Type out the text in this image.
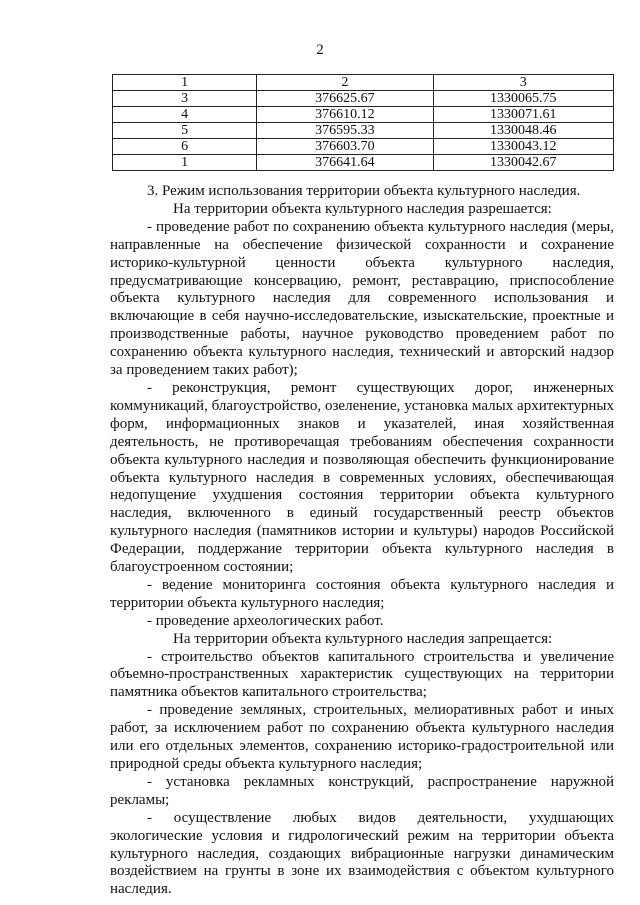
2
1	2	3
3	376625.67	1330065.75
4	376610.12	1330071.61
5	376595.33	1330048.46
6	376603.70	1330043.12
1	376641.64	1330042.67

3. Режим использования территории объекта культурного наследия.

На территории объекта культурного наследия разрешается:

- проведение работ по сохранению объекта культурного наследия (меры, направленные на обеспечение физической сохранности и сохранение историко-культурной ценности объекта культурного наследия, предусматривающие консервацию, ремонт, реставрацию, приспособление объекта культурного наследия для современного использования и включающие в себя научно-исследовательские, изыскательские, проектные и производственные работы, научное руководство проведением работ по сохранению объекта культурного наследия, технический и авторский надзор за проведением таких работ);

- реконструкция, ремонт существующих дорог, инженерных коммуникаций, благоустройство, озеленение, установка малых архитектурных форм, информационных знаков и указателей, иная хозяйственная деятельность, не противоречащая требованиям обеспечения сохранности объекта культурного наследия и позволяющая обеспечить функционирование объекта культурного наследия в современных условиях, обеспечивающая недопущение ухудшения состояния территории объекта культурного наследия, включенного в единый государственный реестр объектов культурного наследия (памятников истории и культуры) народов Российской Федерации, поддержание территории объекта культурного наследия в благоустроенном состоянии;

- ведение мониторинга состояния объекта культурного наследия и территории объекта культурного наследия;

- проведение археологических работ.

На территории объекта культурного наследия запрещается:

- строительство объектов капитального строительства и увеличение объемно-пространственных характеристик существующих на территории памятника объектов капитального строительства;

- проведение земляных, строительных, мелиоративных работ и иных работ, за исключением работ по сохранению объекта культурного наследия или его отдельных элементов, сохранению историко-градостроительной или природной среды объекта культурного наследия;

- установка рекламных конструкций, распространение наружной рекламы;

- осуществление любых видов деятельности, ухудшающих экологические условия и гидрологический режим на территории объекта культурного наследия, создающих вибрационные нагрузки динамическим воздействием на грунты в зоне их взаимодействия с объектом культурного наследия.
